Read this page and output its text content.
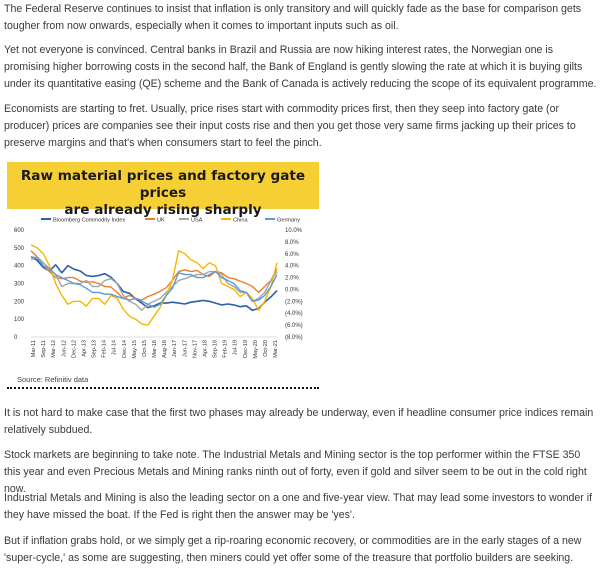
The Federal Reserve continues to insist that inflation is only transitory and will quickly fade as the base for comparison gets tougher from now onwards, especially when it comes to important inputs such as oil.

Yet not everyone is convinced. Central banks in Brazil and Russia are now hiking interest rates, the Norwegian one is promising higher borrowing costs in the second half, the Bank of England is gently slowing the rate at which it is buying gilts under its quantitative easing (QE) scheme and the Bank of Canada is actively reducing the scope of its equivalent programme.

Economists are starting to fret. Usually, price rises start with commodity prices first, then they seep into factory gate (or producer) prices are companies see their input costs rise and then you get those very same firms jacking up their prices to preserve margins and that's when consumers start to feel the pinch.

Raw material prices and factory gate prices
are already rising sharply
Bloomberg Commodity Index	UK	USA	China	Germany
600
500
400
300
200
100
0
10.0%
8.0%
6.0%
4.0%
2.0%
0.0%
(2.0%)
(4.0%)
(6.0%)
(8.0%)
Mar-11 Sep-11 Mar-12 Jun-12 Dec-12 Apr-13 Sep-13 Feb-14 Jul-14 Dec-14 May-15 Oct-15 Mar-16 Aug-16 Jan-17 Jun-17 Nov-17 Apr-18 Sep-18 Feb-19 Jul-19 Dec-19 May-20 Oct-20 Mar-21
Source: Refinitiv data

It is not hard to make case that the first two phases may already be underway, even if headline consumer price indices remain relatively subdued.

Stock markets are beginning to take note. The Industrial Metals and Mining sector is the top performer within the FTSE 350 this year and even Precious Metals and Mining ranks ninth out of forty, even if gold and silver seem to be out in the cold right now.

Industrial Metals and Mining is also the leading sector on a one and five-year view. That may lead some investors to wonder if they have missed the boat. If the Fed is right then the answer may be 'yes'.

But if inflation grabs hold, or we simply get a rip-roaring economic recovery, or commodities are in the early stages of a new 'super-cycle,' as some are suggesting, then miners could yet offer some of the treasure that portfolio builders are seeking.
